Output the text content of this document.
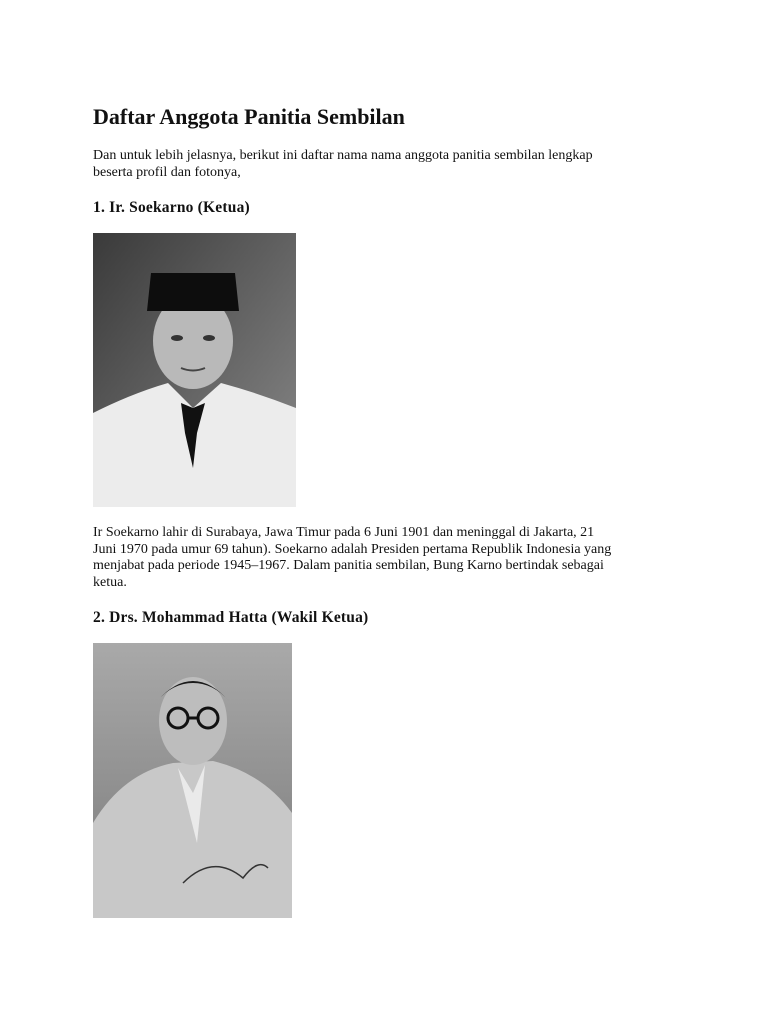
Daftar Anggota Panitia Sembilan
Dan untuk lebih jelasnya, berikut ini daftar nama nama anggota panitia sembilan lengkap
beserta profil dan fotonya,
1. Ir. Soekarno (Ketua)
Ir Soekarno lahir di Surabaya, Jawa Timur pada 6 Juni 1901 dan meninggal di Jakarta, 21
Juni 1970 pada umur 69 tahun). Soekarno adalah Presiden pertama Republik Indonesia yang
menjabat pada periode 1945–1967. Dalam panitia sembilan, Bung Karno bertindak sebagai
ketua.
2. Drs. Mohammad Hatta (Wakil Ketua)
